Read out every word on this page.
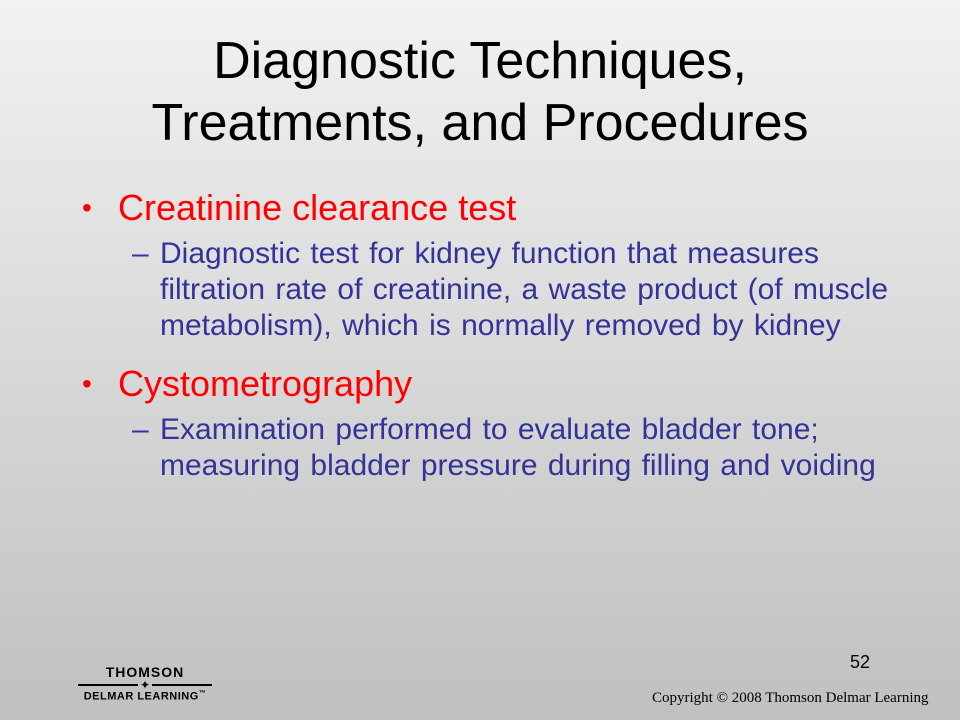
Diagnostic Techniques,
Treatments, and Procedures
• Creatinine clearance test
– Diagnostic test for kidney function that measures filtration rate of creatinine, a waste product (of muscle metabolism), which is normally removed by kidney
• Cystometrography
– Examination performed to evaluate bladder tone; measuring bladder pressure during filling and voiding
52
THOMSON
✦
DELMAR LEARNING™	Copyright © 2008 Thomson Delmar Learning
